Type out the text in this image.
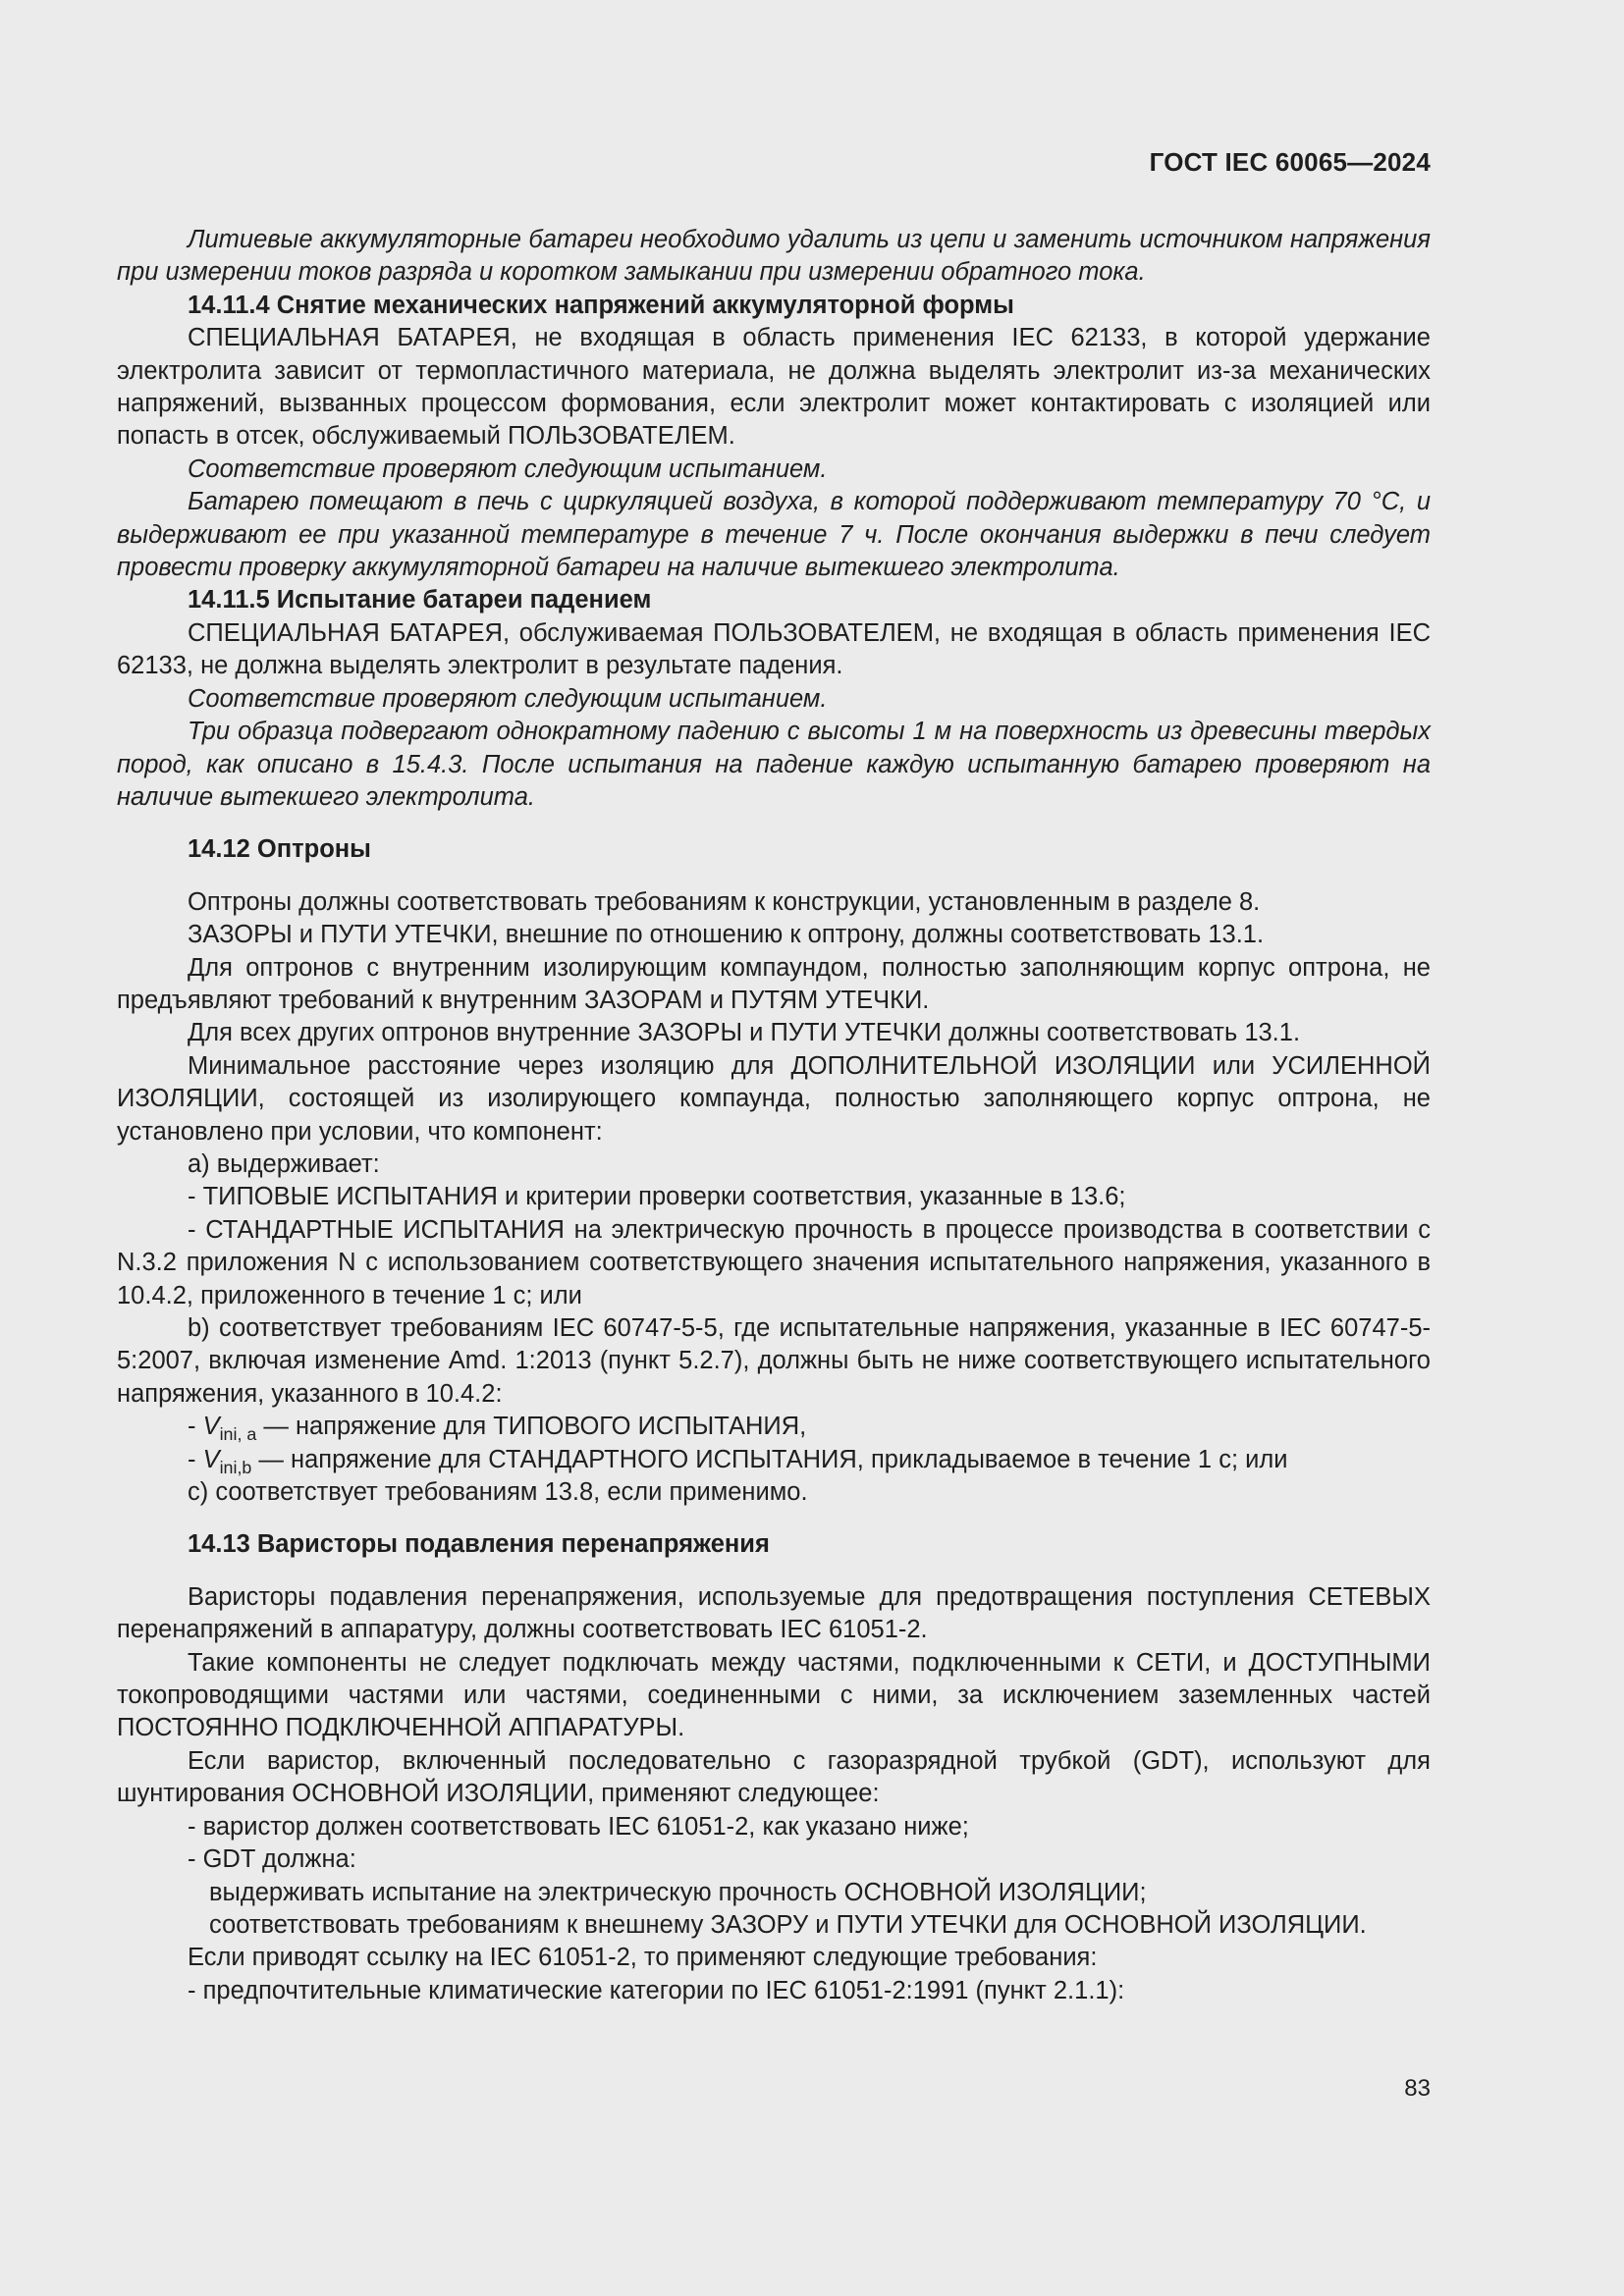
ГОСТ IEC 60065—2024

Литиевые аккумуляторные батареи необходимо удалить из цепи и заменить источником напряжения при измерении токов разряда и коротком замыкании при измерении обратного тока.

14.11.4 Снятие механических напряжений аккумуляторной формы

СПЕЦИАЛЬНАЯ БАТАРЕЯ, не входящая в область применения IEC 62133, в которой удержание электролита зависит от термопластичного материала, не должна выделять электролит из-за механических напряжений, вызванных процессом формования, если электролит может контактировать с изоляцией или попасть в отсек, обслуживаемый ПОЛЬЗОВАТЕЛЕМ.

Соответствие проверяют следующим испытанием.

Батарею помещают в печь с циркуляцией воздуха, в которой поддерживают температуру 70 °С, и выдерживают ее при указанной температуре в течение 7 ч. После окончания выдержки в печи следует провести проверку аккумуляторной батареи на наличие вытекшего электролита.

14.11.5 Испытание батареи падением

СПЕЦИАЛЬНАЯ БАТАРЕЯ, обслуживаемая ПОЛЬЗОВАТЕЛЕМ, не входящая в область применения IEC 62133, не должна выделять электролит в результате падения.

Соответствие проверяют следующим испытанием.

Три образца подвергают однократному падению с высоты 1 м на поверхность из древесины твердых пород, как описано в 15.4.3. После испытания на падение каждую испытанную батарею проверяют на наличие вытекшего электролита.

14.12 Оптроны

Оптроны должны соответствовать требованиям к конструкции, установленным в разделе 8.

ЗАЗОРЫ и ПУТИ УТЕЧКИ, внешние по отношению к оптрону, должны соответствовать 13.1.

Для оптронов с внутренним изолирующим компаундом, полностью заполняющим корпус оптрона, не предъявляют требований к внутренним ЗАЗОРАМ и ПУТЯМ УТЕЧКИ.

Для всех других оптронов внутренние ЗАЗОРЫ и ПУТИ УТЕЧКИ должны соответствовать 13.1.

Минимальное расстояние через изоляцию для ДОПОЛНИТЕЛЬНОЙ ИЗОЛЯЦИИ или УСИЛЕННОЙ ИЗОЛЯЦИИ, состоящей из изолирующего компаунда, полностью заполняющего корпус оптрона, не установлено при условии, что компонент:

а) выдерживает:

- ТИПОВЫЕ ИСПЫТАНИЯ и критерии проверки соответствия, указанные в 13.6;

- СТАНДАРТНЫЕ ИСПЫТАНИЯ на электрическую прочность в процессе производства в соответствии с N.3.2 приложения N с использованием соответствующего значения испытательного напряжения, указанного в 10.4.2, приложенного в течение 1 с; или

b) соответствует требованиям IEC 60747-5-5, где испытательные напряжения, указанные в IEC 60747-5-5:2007, включая изменение Amd. 1:2013 (пункт 5.2.7), должны быть не ниже соответствующего испытательного напряжения, указанного в 10.4.2:

- $V_{ini, a}$ — напряжение для ТИПОВОГО ИСПЫТАНИЯ,

- $V_{ini,b}$ — напряжение для СТАНДАРТНОГО ИСПЫТАНИЯ, прикладываемое в течение 1 с; или

с) соответствует требованиям 13.8, если применимо.

14.13 Варисторы подавления перенапряжения

Варисторы подавления перенапряжения, используемые для предотвращения поступления СЕТЕВЫХ перенапряжений в аппаратуру, должны соответствовать IEC 61051-2.

Такие компоненты не следует подключать между частями, подключенными к СЕТИ, и ДОСТУПНЫМИ токопроводящими частями или частями, соединенными с ними, за исключением заземленных частей ПОСТОЯННО ПОДКЛЮЧЕННОЙ АППАРАТУРЫ.

Если варистор, включенный последовательно с газоразрядной трубкой (GDT), используют для шунтирования ОСНОВНОЙ ИЗОЛЯЦИИ, применяют следующее:

- варистор должен соответствовать IEC 61051-2, как указано ниже;

- GDT должна:

выдерживать испытание на электрическую прочность ОСНОВНОЙ ИЗОЛЯЦИИ;

соответствовать требованиям к внешнему ЗАЗОРУ и ПУТИ УТЕЧКИ для ОСНОВНОЙ ИЗОЛЯЦИИ.

Если приводят ссылку на IEC 61051-2, то применяют следующие требования:

- предпочтительные климатические категории по IEC 61051-2:1991 (пункт 2.1.1):

83
